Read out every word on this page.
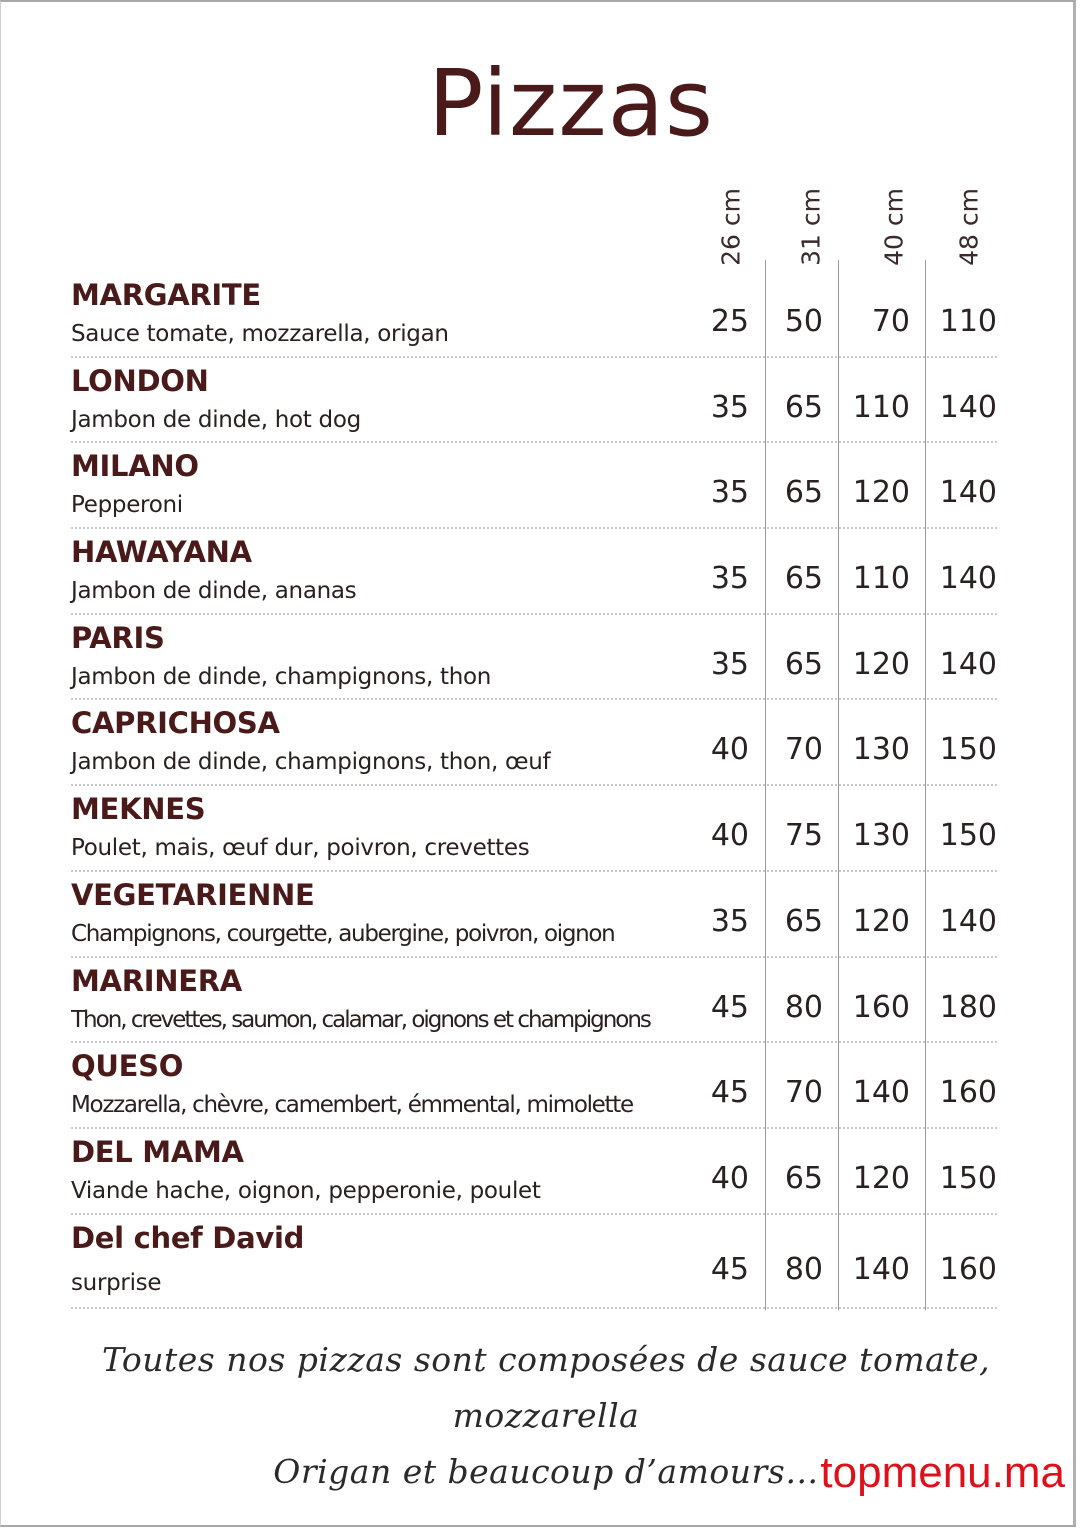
Pizzas
26 cm 31 cm 40 cm 48 cm
MARGARITE
Sauce tomate, mozzarella, origan	25	50	70 110
LONDON
Jambon de dinde, hot dog	35	65 110 140
MILANO
Pepperoni	35	65 120 140
HAWAYANA
Jambon de dinde, ananas	35	65 110 140
PARIS
Jambon de dinde, champignons, thon	35	65 120 140
CAPRICHOSA
Jambon de dinde, champignons, thon, œuf	40	70 130 150
MEKNES
Poulet, mais, œuf dur, poivron, crevettes	40	75 130 150
VEGETARIENNE
Champignons, courgette, aubergine, poivron, oignon	35	65 120 140
MARINERA
Thon, crevettes, saumon, calamar, oignons et champignons	45	80 160 180
QUESO
Mozzarella, chèvre, camembert, émmental, mimolette	45	70 140 160
DEL MAMA
Viande hache, oignon, pepperonie, poulet	40	65 120 150
Del chef David
surprise	45	80 140 160
Toutes nos pizzas sont composées de sauce tomate, mozzarella
Origan et beaucoup d’amours… topmenu.ma
